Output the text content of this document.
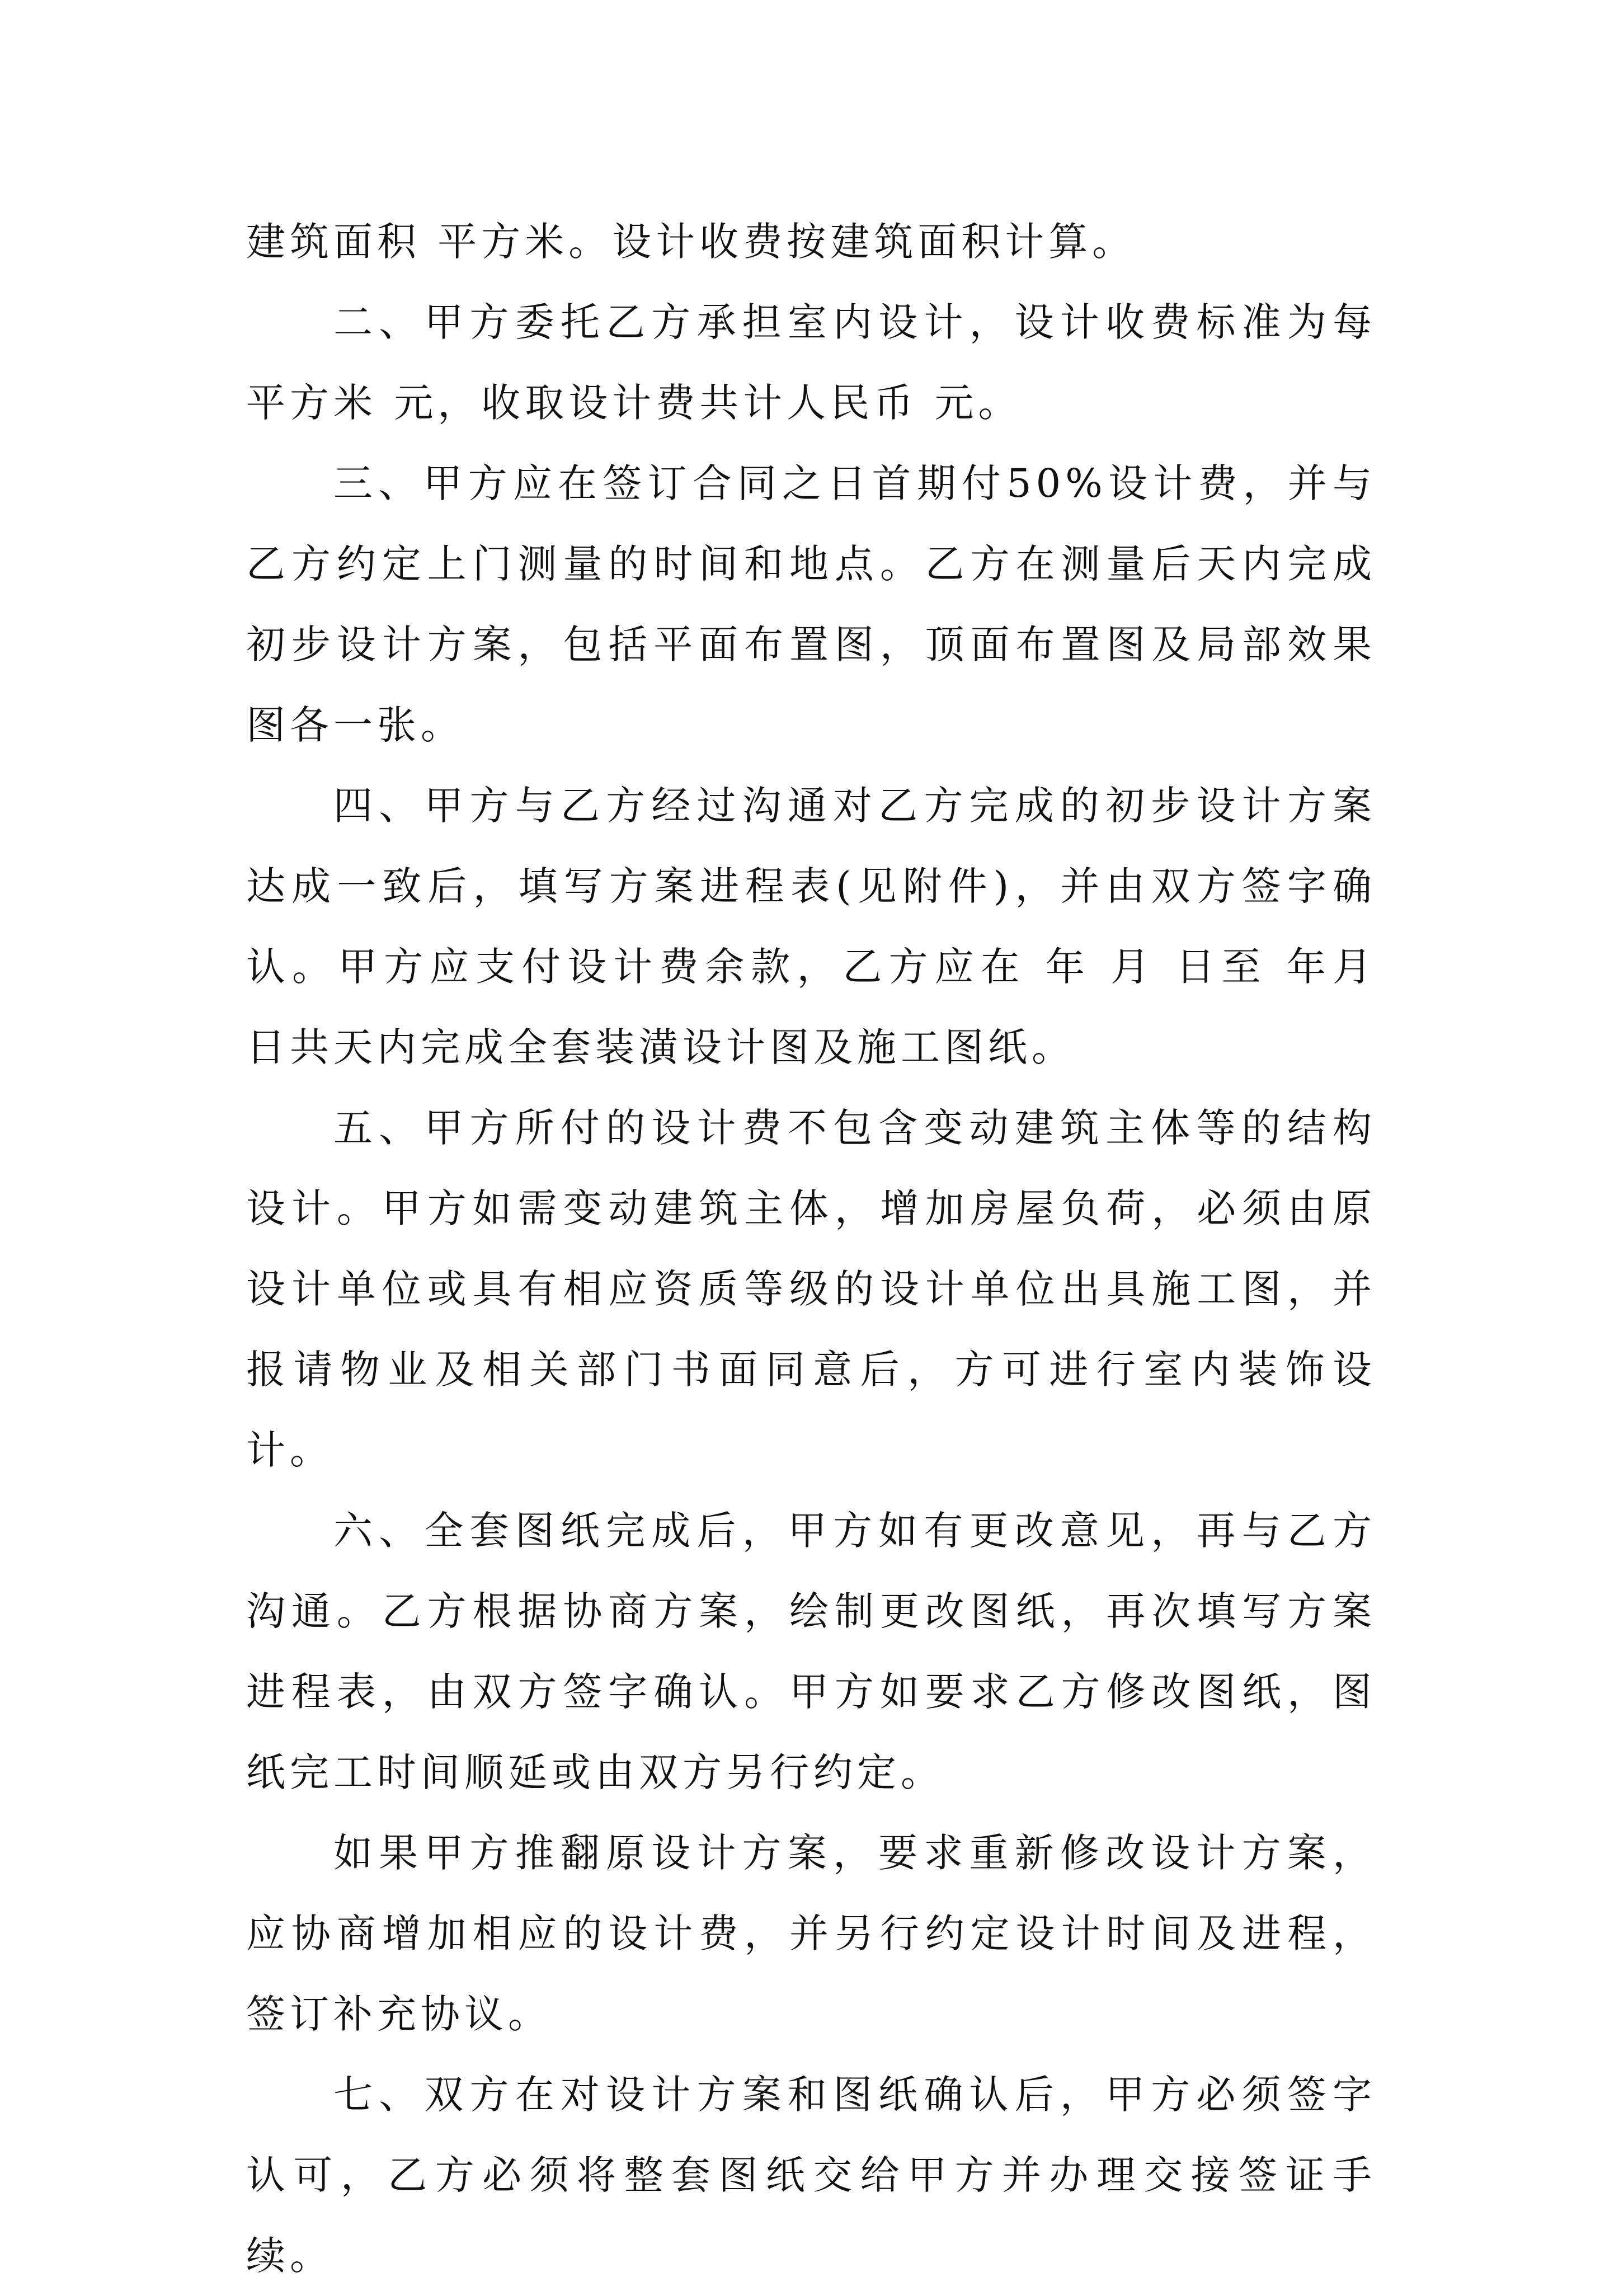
建筑面积 平方米。设计收费按建筑面积计算。

二、甲方委托乙方承担室内设计，设计收费标准为每平方米 元，收取设计费共计人民币 元。

三、甲方应在签订合同之日首期付50%设计费，并与乙方约定上门测量的时间和地点。乙方在测量后天内完成初步设计方案，包括平面布置图，顶面布置图及局部效果图各一张。

四、甲方与乙方经过沟通对乙方完成的初步设计方案达成一致后，填写方案进程表(见附件)，并由双方签字确认。甲方应支付设计费余款，乙方应在 年 月 日至 年月 日共天内完成全套装潢设计图及施工图纸。

五、甲方所付的设计费不包含变动建筑主体等的结构设计。甲方如需变动建筑主体，增加房屋负荷，必须由原设计单位或具有相应资质等级的设计单位出具施工图，并报请物业及相关部门书面同意后，方可进行室内装饰设计。

六、全套图纸完成后，甲方如有更改意见，再与乙方沟通。乙方根据协商方案，绘制更改图纸，再次填写方案进程表，由双方签字确认。甲方如要求乙方修改图纸，图纸完工时间顺延或由双方另行约定。

如果甲方推翻原设计方案，要求重新修改设计方案，应协商增加相应的设计费，并另行约定设计时间及进程，签订补充协议。

七、双方在对设计方案和图纸确认后，甲方必须签字认可，乙方必须将整套图纸交给甲方并办理交接签证手续。
